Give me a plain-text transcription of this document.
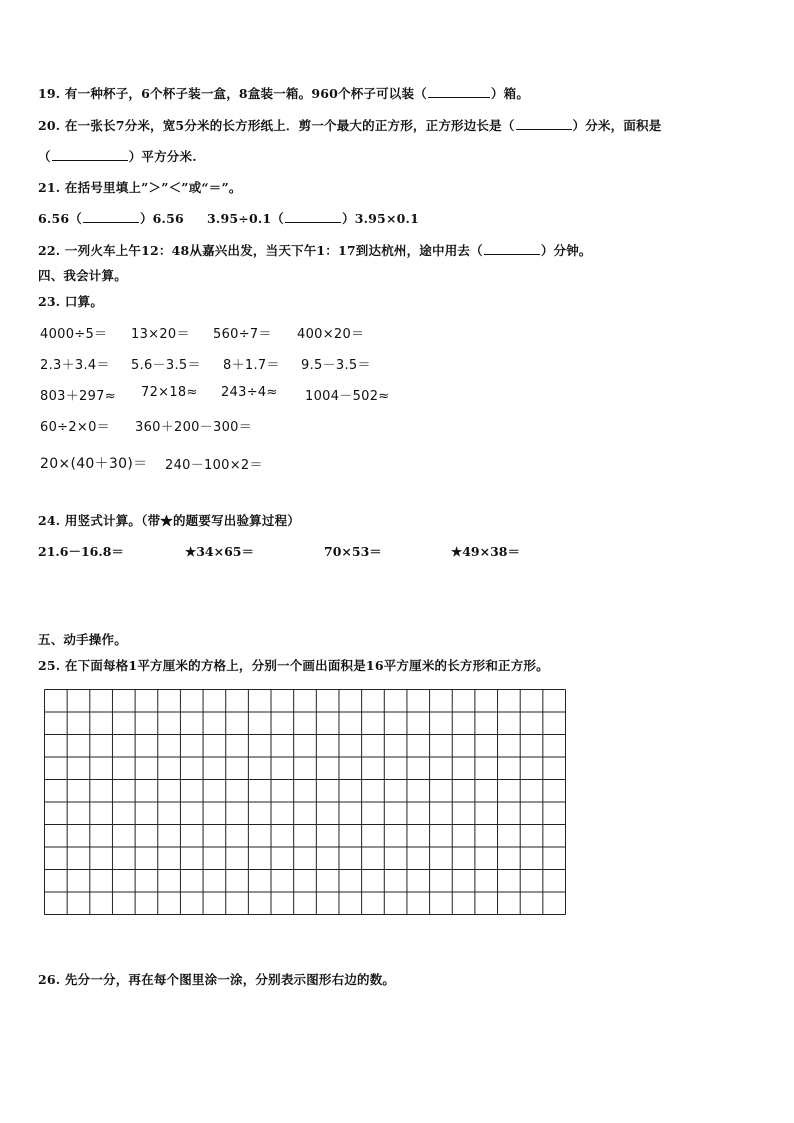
19. 有一种杯子，6个杯子装一盒，8盒装一箱。960个杯子可以装（	）箱。
20. 在一张长7分米，宽5分米的长方形纸上．剪一个最大的正方形，正方形边长是（	）分米，面积是
（	）平方分米.
21. 在括号里填上”＞”＜”或“＝”。
6.56（	）6.56 3.95÷0.1（	）3.95×0.1
22. 一列火车上午12：48从嘉兴出发，当天下午1：17到达杭州，途中用去（	）分钟。
四、我会计算。
23. 口算。
4000÷5＝ 13×20＝ 560÷7＝ 400×20＝
2.3＋3.4＝ 5.6－3.5＝ 8＋1.7＝ 9.5－3.5＝
803＋297≈ 72×18≈ 243÷4≈ 1004－502≈
60÷2×0＝ 360＋200－300＝
20×(40＋30)＝ 240－100×2＝
24. 用竖式计算。（带★的题要写出验算过程）
21.6－16.8＝	★34×65＝	70×53＝	★49×38＝
五、动手操作。
25. 在下面每格1平方厘米的方格上，分别一个画出面积是16平方厘米的长方形和正方形。
26. 先分一分，再在每个图里涂一涂，分别表示图形右边的数。
